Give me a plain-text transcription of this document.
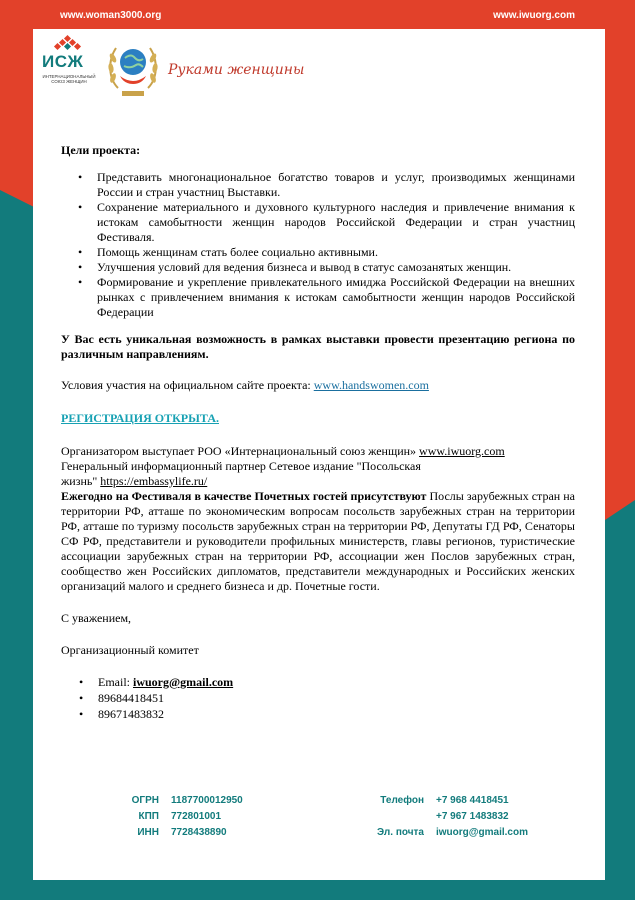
www.woman3000.org	www.iwuorg.com
ИСЖ
ИНТЕРНАЦИОНАЛЬНЫЙ СОЮЗ ЖЕНЩИН
Руками женщины

Цели проекта:

• Представить многонациональное богатство товаров и услуг, производимых женщинами России и стран участниц Выставки.
• Сохранение материального и духовного культурного наследия и привлечение внимания к истокам самобытности женщин народов Российской Федерации и стран участниц Фестиваля.
• Помощь женщинам стать более социально активными.
• Улучшения условий для ведения бизнеса и вывод в статус самозанятых женщин.
• Формирование и укрепление привлекательного имиджа Российской Федерации на внешних рынках с привлечением внимания к истокам самобытности женщин народов Российской Федерации

У Вас есть уникальная возможность в рамках выставки провести презентацию региона по различным направлениям.

Условия участия на официальном сайте проекта: www.handswomen.com

РЕГИСТРАЦИЯ ОТКРЫТА.

Организатором выступает РОО «Интернациональный союз женщин» www.iwuorg.com

Генеральный информационный партнер Сетевое издание "Посольская

жизнь" https://embassylife.ru/

Ежегодно на Фестиваля в качестве Почетных гостей присутствуют Послы зарубежных стран на территории РФ, атташе по экономическим вопросам посольств зарубежных стран на территории РФ, атташе по туризму посольств зарубежных стран на территории РФ, Депутаты ГД РФ, Сенаторы СФ РФ, представители и руководители профильных министерств, главы регионов, туристические ассоциации зарубежных стран на территории РФ, ассоциации жен Послов зарубежных стран, сообщество жен Российских дипломатов, представители международных и Российских женских организаций малого и среднего бизнеса и др. Почетные гости.

С уважением,

Организационный комитет

• Email: iwuorg@gmail.com
• 89684418451
• 89671483832
ОГРН 1187700012950
КПП 772801001
ИНН 7728438890
Телефон +7 968 4418451
+7 967 1483832
Эл. почта iwuorg@gmail.com
